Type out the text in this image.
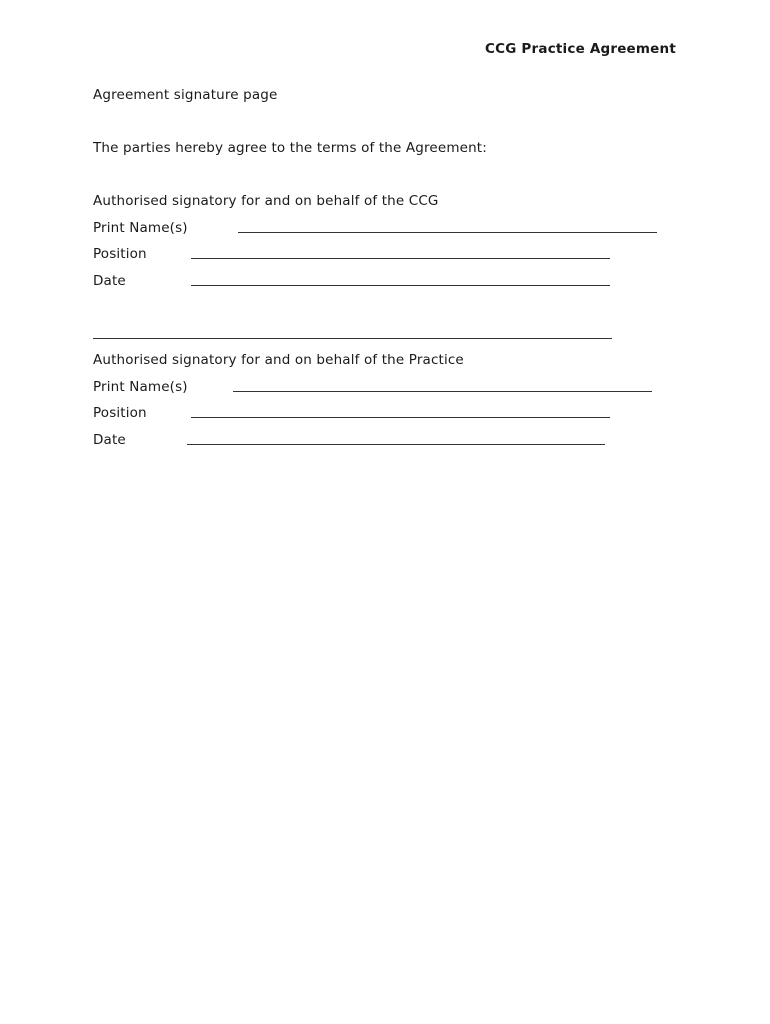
CCG Practice Agreement
Agreement signature page
The parties hereby agree to the terms of the Agreement:
Authorised signatory for and on behalf of the CCG
Print Name(s)
Position
Date
Authorised signatory for and on behalf of the Practice
Print Name(s)
Position
Date
